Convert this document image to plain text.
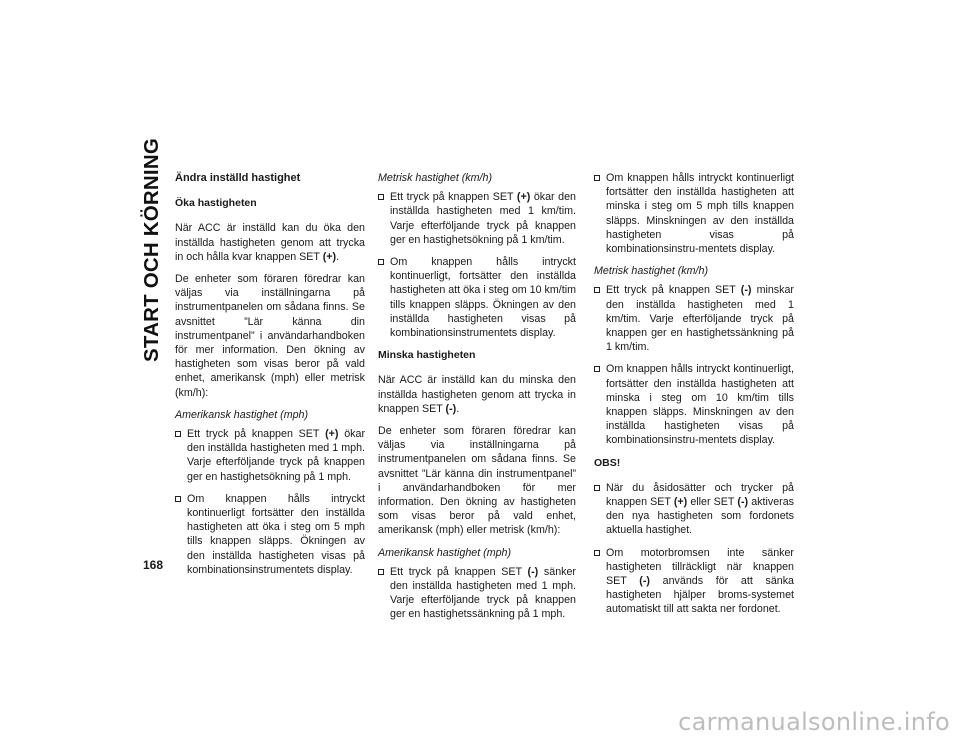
START OCH KÖRNING
168
Ändra inställd hastighet
Öka hastigheten

När ACC är inställd kan du öka den inställda hastigheten genom att trycka in och hålla kvar knappen SET (+).

De enheter som föraren föredrar kan väljas via inställningarna på instrumentpanelen om sådana finns. Se avsnittet ”Lär känna din instrumentpanel” i användarhandboken för mer information. Den ökning av hastigheten som visas beror på vald enhet, amerikansk (mph) eller metrisk (km/h):

Amerikansk hastighet (mph)
Ett tryck på knappen SET (+) ökar den inställda hastigheten med 1 mph. Varje efterföljande tryck på knappen ger en hastighetsökning på 1 mph.
Om knappen hålls intryckt kontinuerligt fortsätter den inställda hastigheten att öka i steg om 5 mph tills knappen släpps. Ökningen av den inställda hastigheten visas på kombinationsinstrumentets display.
Metrisk hastighet (km/h)
Ett tryck på knappen SET (+) ökar den inställda hastigheten med 1 km/tim. Varje efterföljande tryck på knappen ger en hastighetsökning på 1 km/tim.
Om knappen hålls intryckt kontinuerligt, fortsätter den inställda hastigheten att öka i steg om 10 km/tim tills knappen släpps. Ökningen av den inställda hastigheten visas på kombinationsinstrumentets display.
Minska hastigheten

När ACC är inställd kan du minska den inställda hastigheten genom att trycka in knappen SET (-).

De enheter som föraren föredrar kan väljas via inställningarna på instrumentpanelen om sådana finns. Se avsnittet ”Lär känna din instrumentpanel” i användarhandboken för mer information. Den ökning av hastigheten som visas beror på vald enhet, amerikansk (mph) eller metrisk (km/h):

Amerikansk hastighet (mph)
Ett tryck på knappen SET (-) sänker den inställda hastigheten med 1 mph. Varje efterföljande tryck på knappen ger en hastighetssänkning på 1 mph.
Om knappen hålls intryckt kontinuerligt fortsätter den inställda hastigheten att minska i steg om 5 mph tills knappen släpps. Minskningen av den inställda hastigheten visas på kombinationsinstru-mentets display.
Metrisk hastighet (km/h)
Ett tryck på knappen SET (-) minskar den inställda hastigheten med 1 km/tim. Varje efterföljande tryck på knappen ger en hastighetssänkning på 1 km/tim.
Om knappen hålls intryckt kontinuerligt, fortsätter den inställda hastigheten att minska i steg om 10 km/tim tills knappen släpps. Minskningen av den inställda hastigheten visas på kombinationsinstru-mentets display.
OBS!
När du åsidosätter och trycker på knappen SET (+) eller SET (-) aktiveras den nya hastigheten som fordonets aktuella hastighet.
Om motorbromsen inte sänker hastigheten tillräckligt när knappen SET (-) används för att sänka hastigheten hjälper broms-systemet automatiskt till att sakta ner fordonet.
carmanualsonline.info
